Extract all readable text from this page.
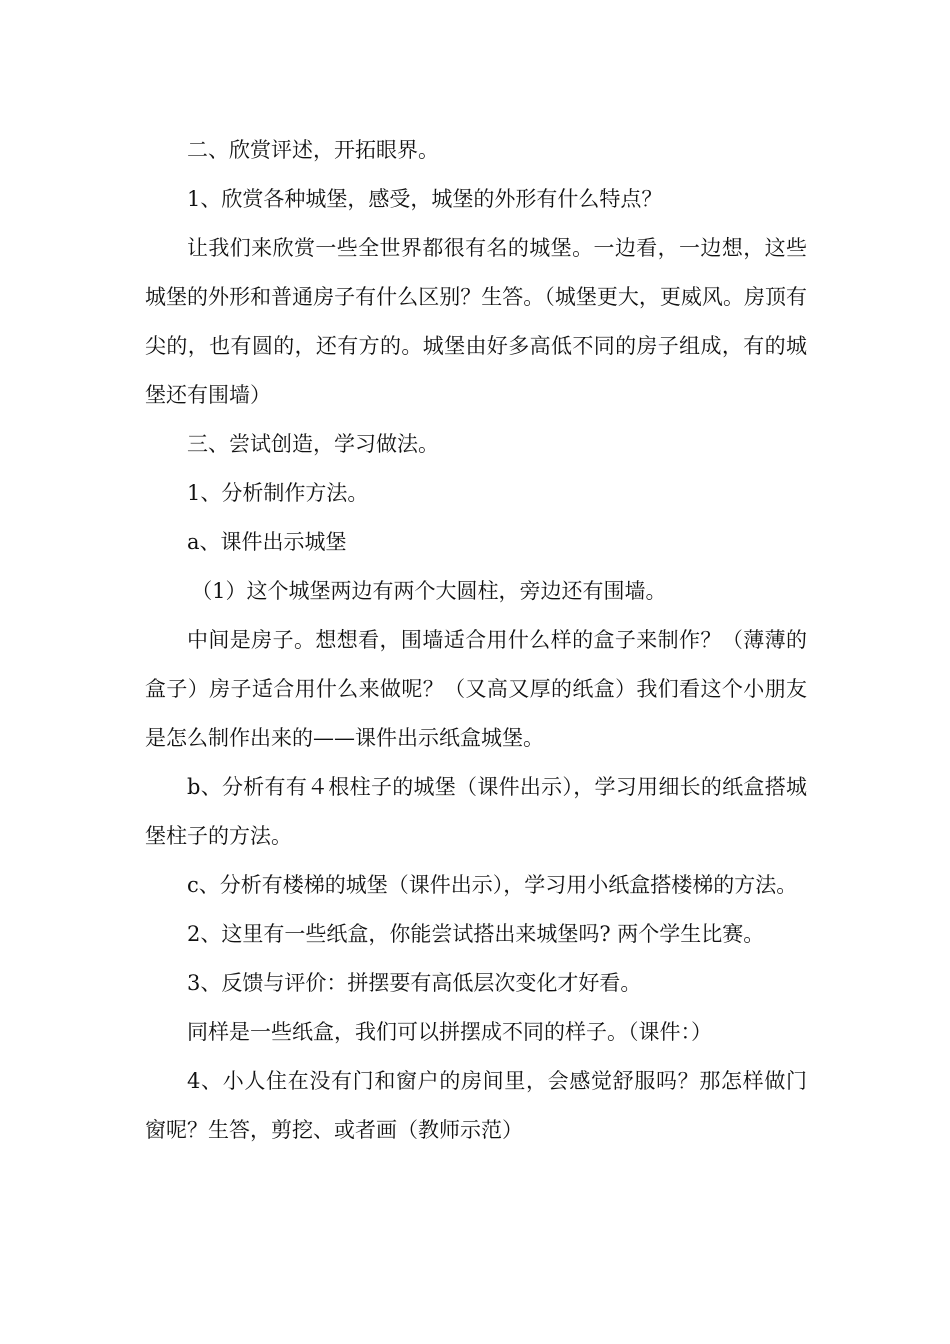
二、欣赏评述，开拓眼界。

1、欣赏各种城堡，感受，城堡的外形有什么特点？

让我们来欣赏一些全世界都很有名的城堡。一边看，一边想，这些城堡的外形和普通房子有什么区别？生答。（城堡更大，更威风。房顶有尖的，也有圆的，还有方的。城堡由好多高低不同的房子组成，有的城堡还有围墙）

三、尝试创造，学习做法。

1、分析制作方法。

a、课件出示城堡

（1）这个城堡两边有两个大圆柱，旁边还有围墙。

中间是房子。想想看，围墙适合用什么样的盒子来制作？（薄薄的盒子）房子适合用什么来做呢？（又高又厚的纸盒）我们看这个小朋友是怎么制作出来的——课件出示纸盒城堡。

b、分析有有４根柱子的城堡（课件出示），学习用细长的纸盒搭城堡柱子的方法。

c、分析有楼梯的城堡（课件出示），学习用小纸盒搭楼梯的方法。

2、这里有一些纸盒，你能尝试搭出来城堡吗? 两个学生比赛。

3、反馈与评价：拼摆要有高低层次变化才好看。

同样是一些纸盒，我们可以拼摆成不同的样子。（课件：）

4、小人住在没有门和窗户的房间里，会感觉舒服吗？那怎样做门窗呢？生答，剪挖、或者画（教师示范）
